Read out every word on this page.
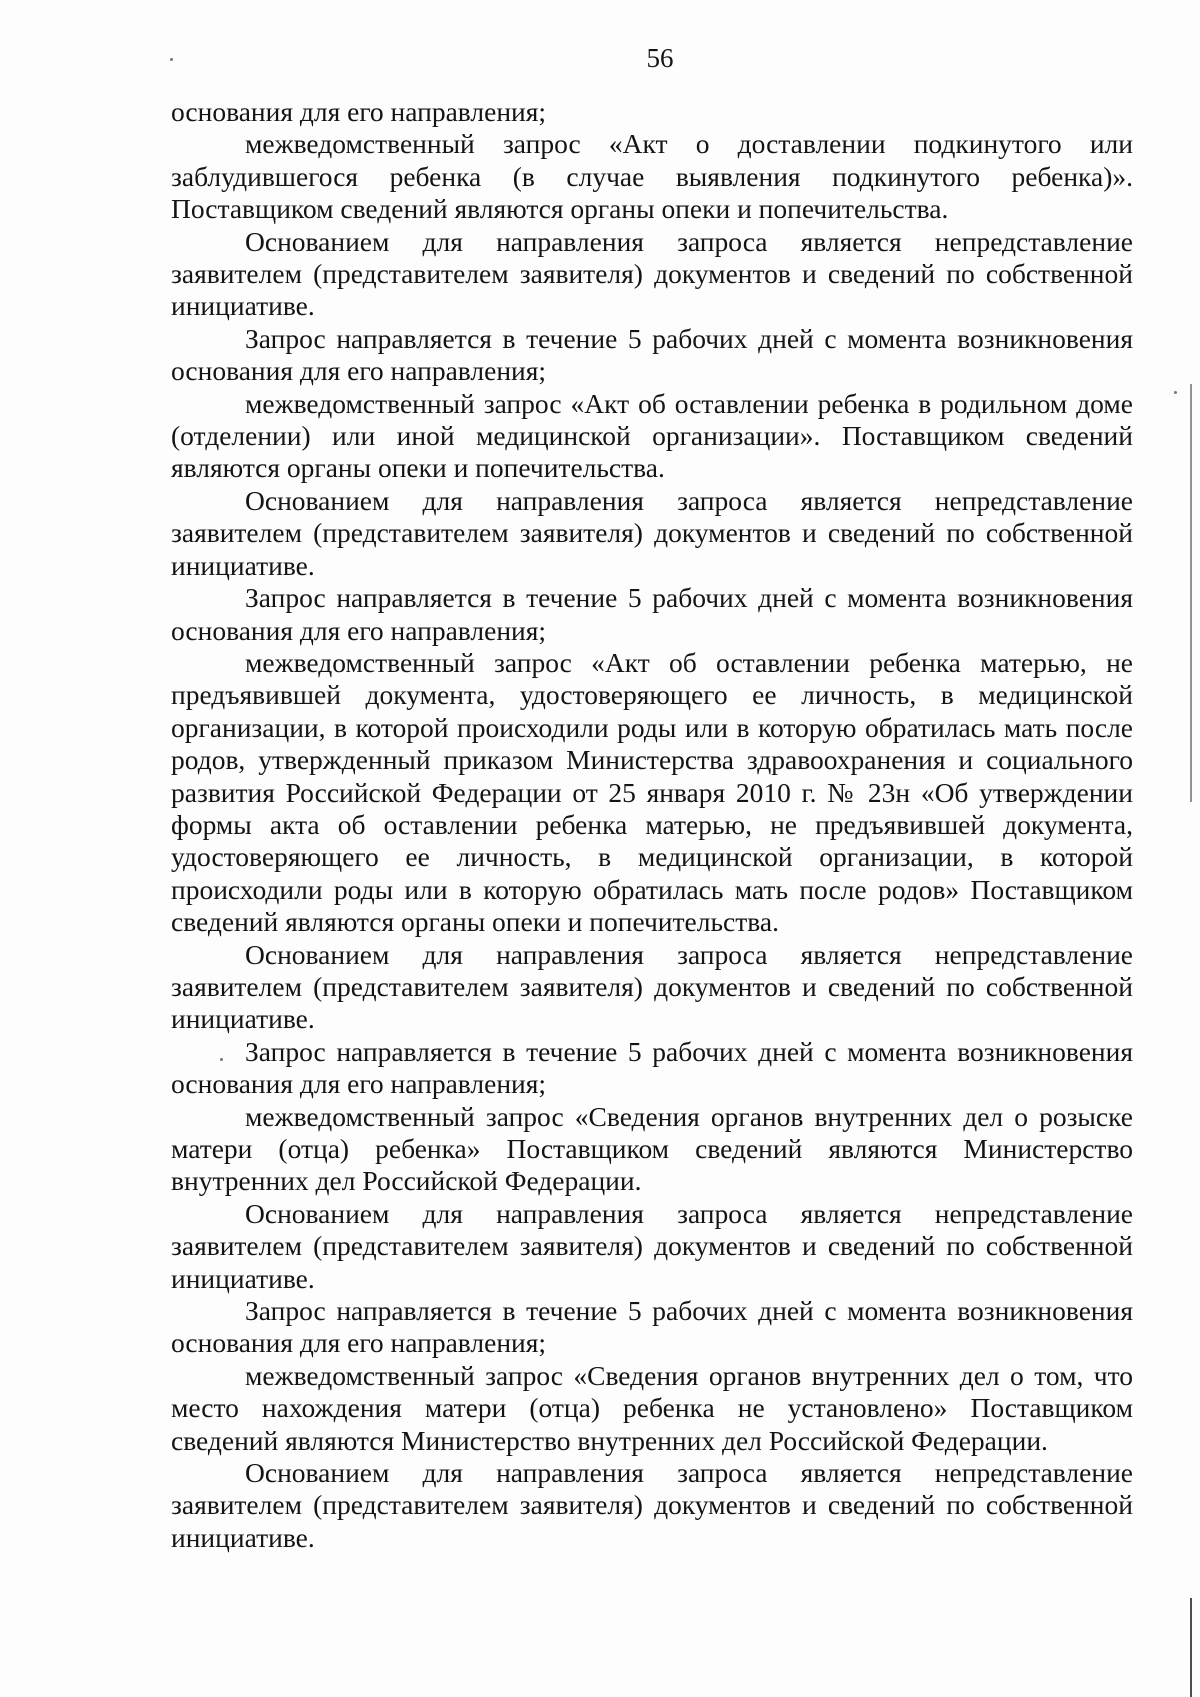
56

основания для его направления;

межведомственный запрос «Акт о доставлении подкинутого или заблудившегося ребенка (в случае выявления подкинутого ребенка)». Поставщиком сведений являются органы опеки и попечительства.

Основанием для направления запроса является непредставление заявителем (представителем заявителя) документов и сведений по собственной инициативе.

Запрос направляется в течение 5 рабочих дней с момента возникновения основания для его направления;

межведомственный запрос «Акт об оставлении ребенка в родильном доме (отделении) или иной медицинской организации». Поставщиком сведений являются органы опеки и попечительства.

Основанием для направления запроса является непредставление заявителем (представителем заявителя) документов и сведений по собственной инициативе.

Запрос направляется в течение 5 рабочих дней с момента возникновения основания для его направления;

межведомственный запрос «Акт об оставлении ребенка матерью, не предъявившей документа, удостоверяющего ее личность, в медицинской организации, в которой происходили роды или в которую обратилась мать после родов, утвержденный приказом Министерства здравоохранения и социального развития Российской Федерации от 25 января 2010 г. № 23н «Об утверждении формы акта об оставлении ребенка матерью, не предъявившей документа, удостоверяющего ее личность, в медицинской организации, в которой происходили роды или в которую обратилась мать после родов» Поставщиком сведений являются органы опеки и попечительства.

Основанием для направления запроса является непредставление заявителем (представителем заявителя) документов и сведений по собственной инициативе.

Запрос направляется в течение 5 рабочих дней с момента возникновения основания для его направления;

межведомственный запрос «Сведения органов внутренних дел о розыске матери (отца) ребенка» Поставщиком сведений являются Министерство внутренних дел Российской Федерации.

Основанием для направления запроса является непредставление заявителем (представителем заявителя) документов и сведений по собственной инициативе.

Запрос направляется в течение 5 рабочих дней с момента возникновения основания для его направления;

межведомственный запрос «Сведения органов внутренних дел о том, что место нахождения матери (отца) ребенка не установлено» Поставщиком сведений являются Министерство внутренних дел Российской Федерации.

Основанием для направления запроса является непредставление заявителем (представителем заявителя) документов и сведений по собственной инициативе.
